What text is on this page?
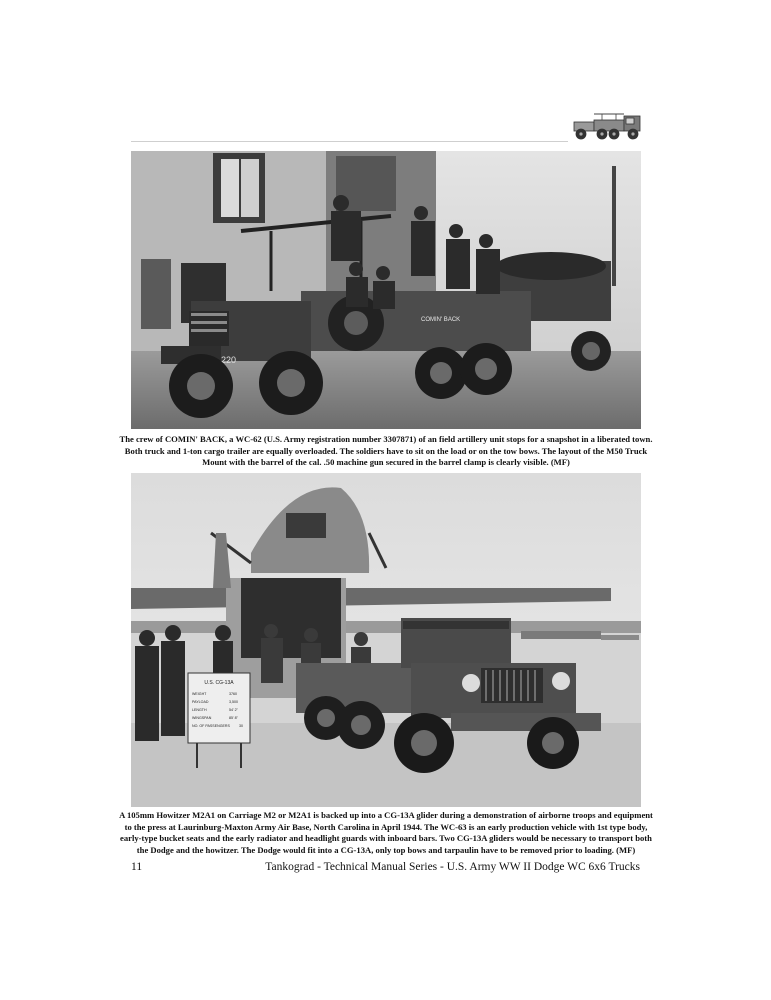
220
COMIN' BACK
The crew of COMIN' BACK, a WC-62 (U.S. Army registration number 3307871) of an field artillery unit stops for a snapshot in a liberated town. Both truck and 1-ton cargo trailer are equally overloaded. The soldiers have to sit on the load or on the tow bows. The layout of the M50 Truck Mount with the barrel of the cal. .50 machine gun secured in the barrel clamp is clearly visible. (MF)
U.S. CG-13A
WEIGHT	3760
PAYLOAD	3,500
LENGTH	54' 2"
WINGSPAN	85' 8"
NO. OF PASSENGERS	30
A 105mm Howitzer M2A1 on Carriage M2 or M2A1 is backed up into a CG-13A glider during a demonstration of airborne troops and equipment to the press at Laurinburg-Maxton Army Air Base, North Carolina in April 1944. The WC-63 is an early production vehicle with 1st type body, early-type bucket seats and the early radiator and headlight guards with inboard bars. Two CG-13A gliders would be necessary to transport both the Dodge and the howitzer. The Dodge would fit into a CG-13A, only top bows and tarpaulin have to be removed prior to loading. (MF)
11	Tankograd - Technical Manual Series - U.S. Army WW II Dodge WC 6x6 Trucks
